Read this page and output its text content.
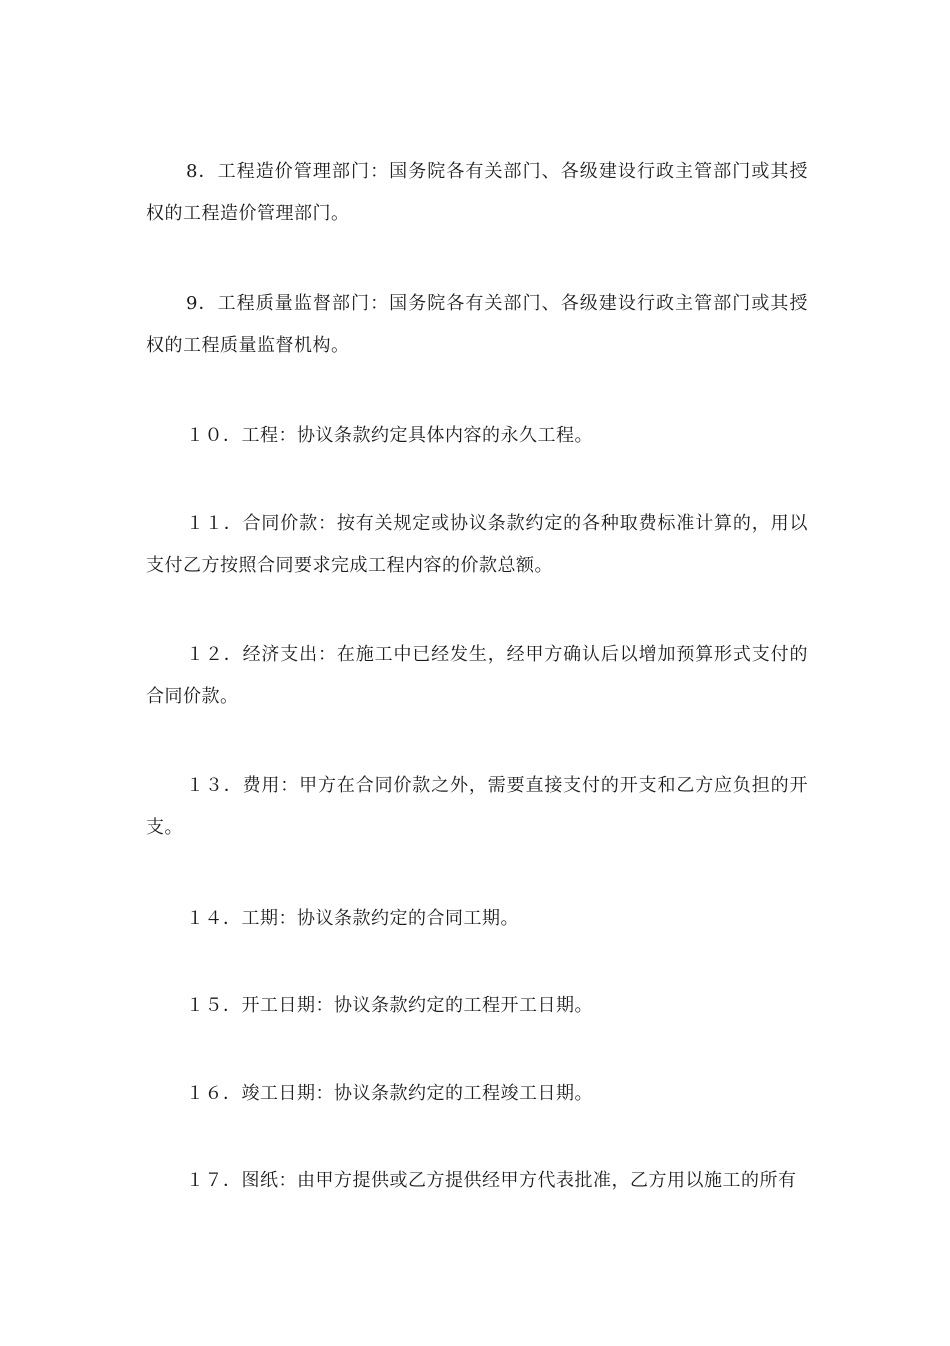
8．工程造价管理部门：国务院各有关部门、各级建设行政主管部门或其授权的工程造价管理部门。

9．工程质量监督部门：国务院各有关部门、各级建设行政主管部门或其授权的工程质量监督机构。

１０．工程：协议条款约定具体内容的永久工程。

１１．合同价款：按有关规定或协议条款约定的各种取费标准计算的，用以支付乙方按照合同要求完成工程内容的价款总额。

１２．经济支出：在施工中已经发生，经甲方确认后以增加预算形式支付的合同价款。

１３．费用：甲方在合同价款之外，需要直接支付的开支和乙方应负担的开支。

１４．工期：协议条款约定的合同工期。

１５．开工日期：协议条款约定的工程开工日期。

１６．竣工日期：协议条款约定的工程竣工日期。

１７．图纸：由甲方提供或乙方提供经甲方代表批准，乙方用以施工的所有
